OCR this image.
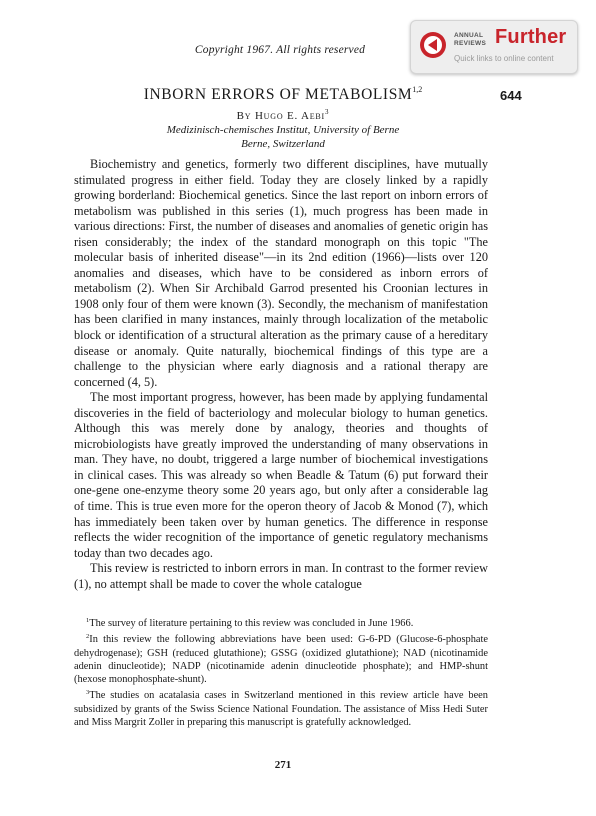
Copyright 1967. All rights reserved
ANNUAL
REVIEWS Further
Quick links to online content
644
INBORN ERRORS OF METABOLISM$^{1,2}$
By Hugo E. Aebi$^3$
Medizinisch-chemisches Institut, University of Berne
Berne, Switzerland

Biochemistry and genetics, formerly two different disciplines, have mutually stimulated progress in either field. Today they are closely linked by a rapidly growing borderland: Biochemical genetics. Since the last report on inborn errors of metabolism was published in this series (1), much progress has been made in various directions: First, the number of diseases and anomalies of genetic origin has risen considerably; the index of the standard monograph on this topic "The molecular basis of inherited disease"—in its 2nd edition (1966)—lists over 120 anomalies and diseases, which have to be considered as inborn errors of metabolism (2). When Sir Archibald Garrod presented his Croonian lectures in 1908 only four of them were known (3). Secondly, the mechanism of manifestation has been clarified in many instances, mainly through localization of the metabolic block or identification of a structural alteration as the primary cause of a hereditary disease or anomaly. Quite naturally, biochemical findings of this type are a challenge to the physician where early diagnosis and a rational therapy are concerned (4, 5).

The most important progress, however, has been made by applying fundamental discoveries in the field of bacteriology and molecular biology to human genetics. Although this was merely done by analogy, theories and thoughts of microbiologists have greatly improved the understanding of many observations in man. They have, no doubt, triggered a large number of biochemical investigations in clinical cases. This was already so when Beadle & Tatum (6) put forward their one-gene one-enzyme theory some 20 years ago, but only after a considerable lag of time. This is true even more for the operon theory of Jacob & Monod (7), which has immediately been taken over by human genetics. The difference in response reflects the wider recognition of the importance of genetic regulatory mechanisms today than two decades ago.

This review is restricted to inborn errors in man. In contrast to the former review (1), no attempt shall be made to cover the whole catalogue

$^1$The survey of literature pertaining to this review was concluded in June 1966.

$^2$In this review the following abbreviations have been used: G-6-PD (Glucose-6-phosphate dehydrogenase); GSH (reduced glutathione); GSSG (oxidized glutathione); NAD (nicotinamide adenin dinucleotide); NADP (nicotinamide adenin dinucleotide phosphate); and HMP-shunt (hexose monophosphate-shunt).

$^3$The studies on acatalasia cases in Switzerland mentioned in this review article have been subsidized by grants of the Swiss Science National Foundation. The assistance of Miss Hedi Suter and Miss Margrit Zoller in preparing this manuscript is gratefully acknowledged.

271
